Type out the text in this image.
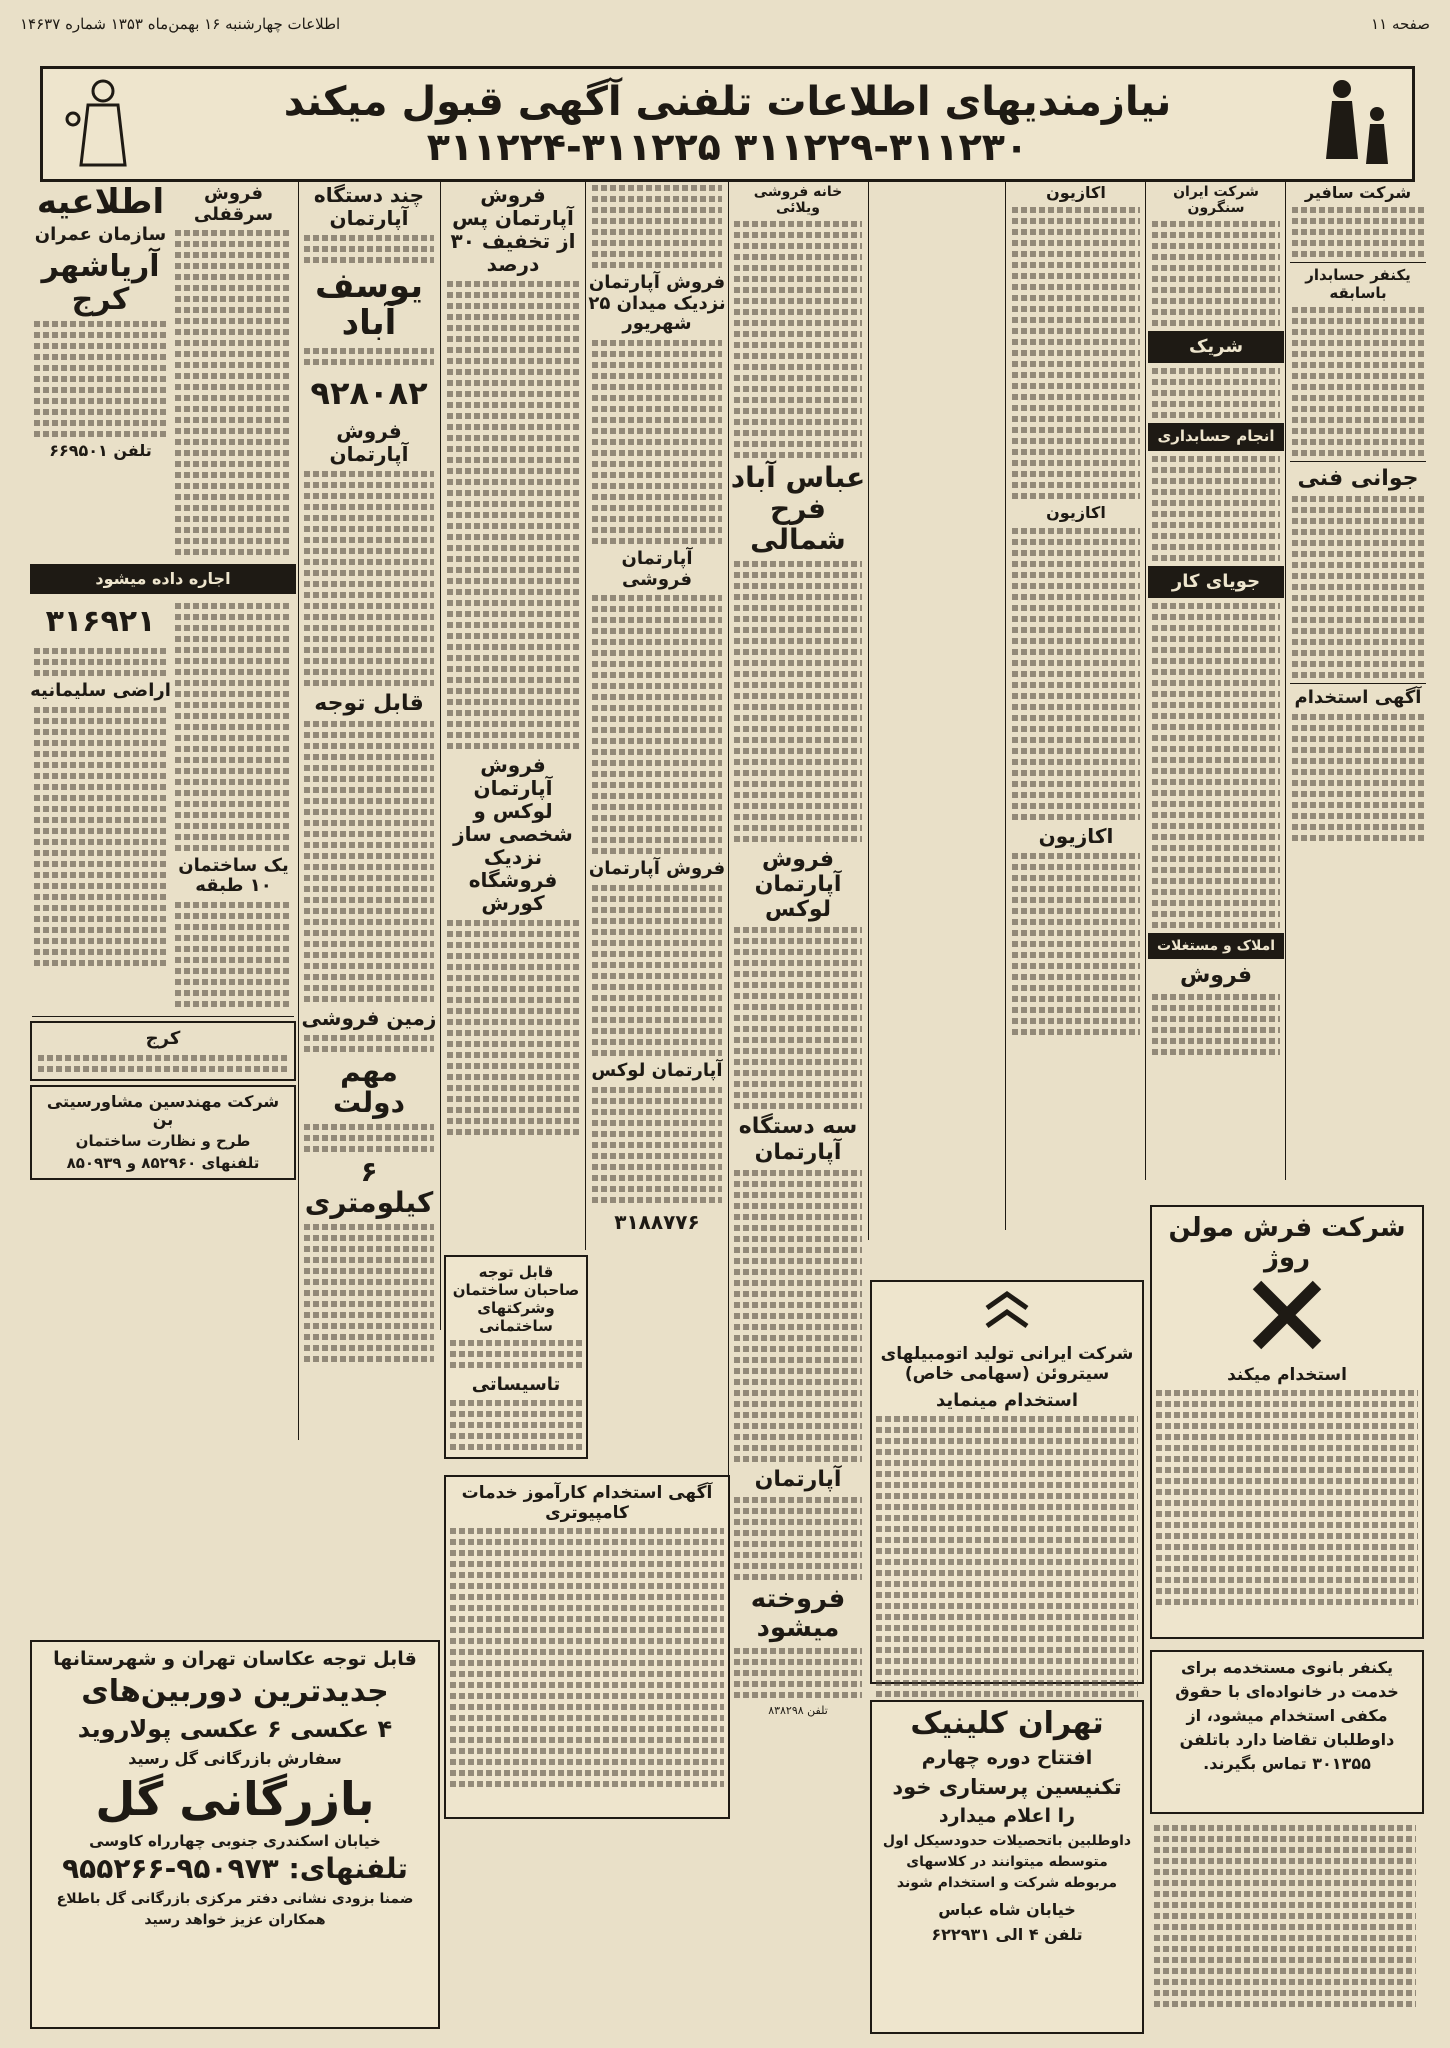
صفحه ۱۱
اطلاعات چهارشنبه ۱۶ بهمن‌ماه ۱۳۵۳ شماره ۱۴۶۳۷
نیازمندیهای اطلاعات تلفنی آگهی قبول میکند
۳۱۱۲۲۴-۳۱۱۲۲۵ ۳۱۱۲۲۹-۳۱۱۲۳۰
شرکت سافیر
یکنفر حسابدار باسابقه
جوانی فنی
آگهی استخدام
شرکت ایران سنگرون
شریک
انجام حسابداری
جویای کار
املاک و مستغلات
فروش
اکازیون
اکازیون
اکازیون
خانه فروشی ویلائی
عباس آباد فرح شمالی
فروش آپارتمان لوکس
سه دستگاه آپارتمان
آپارتمان
فروخته میشود

تلفن ۸۳۸۲۹۸

فروش آپارتمان نزدیک میدان ۲۵ شهریور
آپارتمان فروشی
فروش آپارتمان
آپارتمان لوکس
۳۱۸۸۷۷۶
فروش آپارتمان پس از تخفیف ۳۰ درصد
فروش آپارتمان لوکس و شخصی ساز نزدیک فروشگاه کورش
چند دستگاه آپارتمان
یوسف آباد
۹۲۸۰۸۲
فروش آپارتمان
قابل توجه
زمین فروشی
مهم دولت
۶ کیلومتری
فروش سرقفلی
اطلاعیه
سازمان عمران
آریاشهر کرج
تلفن ۶۶۹۵۰۱
اجاره داده میشود
یک ساختمان ۱۰ طبقه
۳۱۶۹۲۱
اراضی سلیمانیه
کرج
شرکت مهندسین مشاورسیتی بن
طرح و نظارت ساختمان
تلفنهای ۸۵۲۹۶۰ و ۸۵۰۹۳۹
قابل توجه صاحبان ساختمان وشرکتهای ساختمانی
تاسیساتی
آگهی استخدام کارآموز خدمات کامپیوتری
شرکت ایرانی تولید اتومبیلهای سیتروئن (سهامی خاص)
استخدام مینماید
شرکت فرش مولن روژ
استخدام میکند
یکنفر بانوی مستخدمه برای خدمت در خانواده‌ای با حقوق مکفی استخدام میشود، از داوطلبان تقاضا دارد باتلفن ۳۰۱۳۵۵ تماس بگیرند.
تهران کلینیک
افتتاح دوره چهارم
تکنیسین پرستاری خود
را اعلام میدارد
داوطلبین باتحصیلات حدودسیکل اول متوسطه میتوانند در کلاسهای مربوطه شرکت و استخدام شوند
خیابان شاه عباس
تلفن ۴ الی ۶۲۲۹۳۱
قابل توجه عکاسان تهران و شهرستانها
جدیدترین دوربین‌های
۴ عکسی ۶ عکسی پولاروید
سفارش بازرگانی گل رسید
بازرگانی گل
خیابان اسکندری جنوبی چهارراه کاوسی
تلفنهای: ۹۵۰۹۷۳-۹۵۵۲۶۶
ضمنا بزودی نشانی دفتر مرکزی بازرگانی گل باطلاع همکاران عزیز خواهد رسید
